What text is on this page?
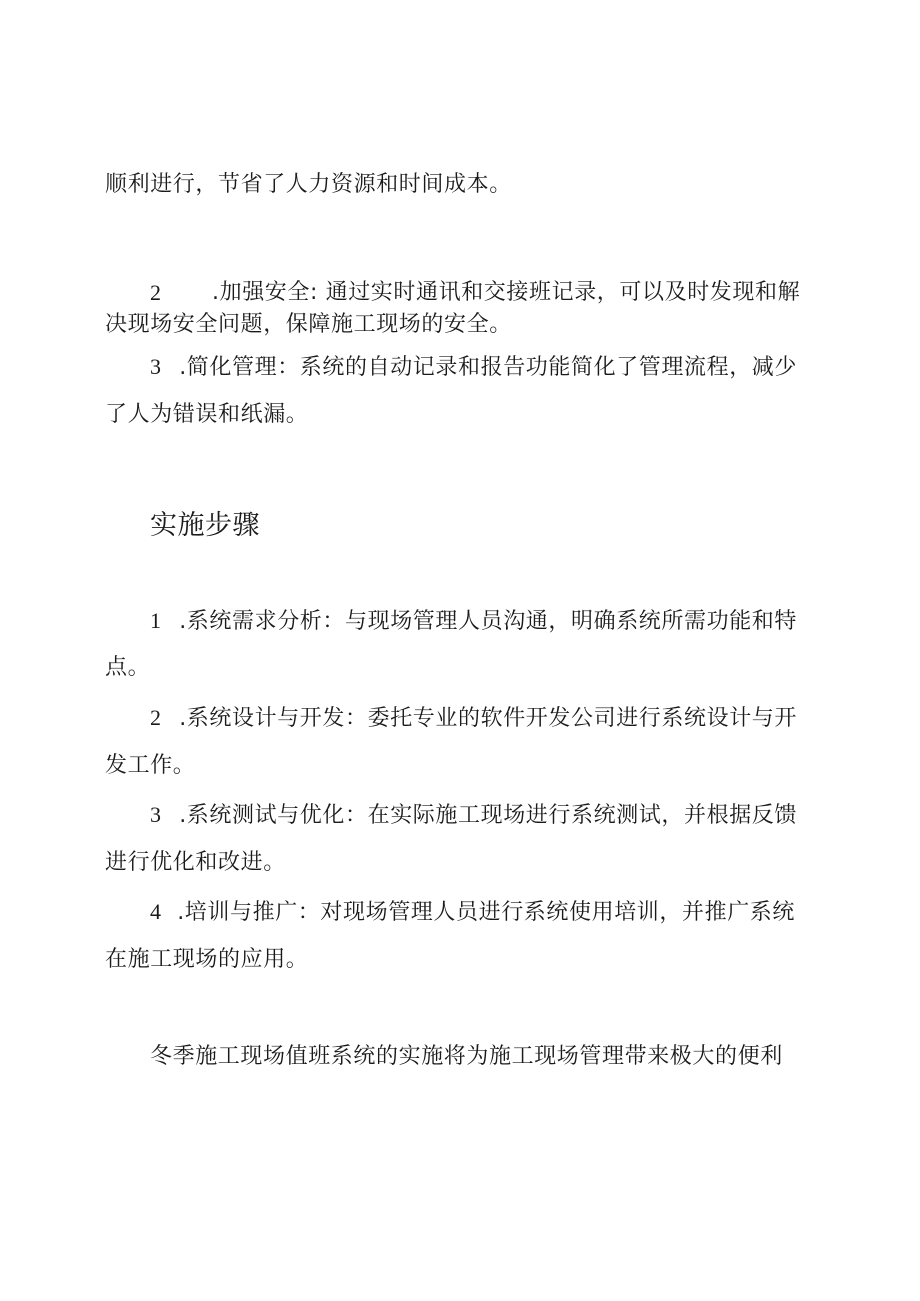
顺利进行，节省了人力资源和时间成本。
2 .加强安全: 通过实时通讯和交接班记录，可以及时发现和解
决现场安全问题，保障施工现场的安全。
3 .简化管理：系统的自动记录和报告功能简化了管理流程，减少
了人为错误和纸漏。
实施步骤
1 .系统需求分析：与现场管理人员沟通，明确系统所需功能和特
点。
2 .系统设计与开发：委托专业的软件开发公司进行系统设计与开
发工作。
3 .系统测试与优化：在实际施工现场进行系统测试，并根据反馈
进行优化和改进。
4 .培训与推广：对现场管理人员进行系统使用培训，并推广系统
在施工现场的应用。
冬季施工现场值班系统的实施将为施工现场管理带来极大的便利
